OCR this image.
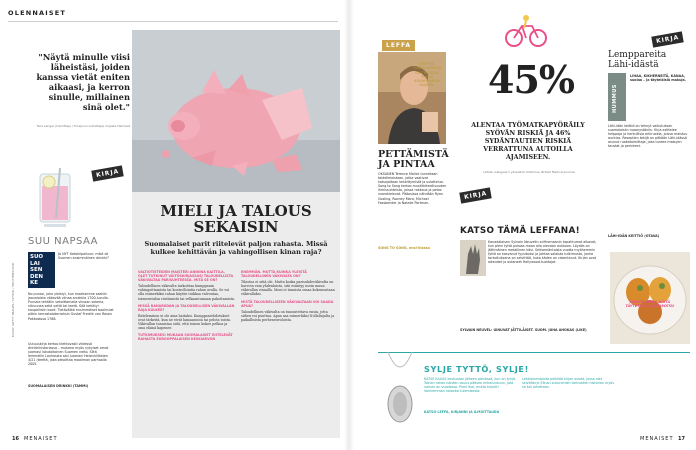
OLENNAISET
KUVAT: GETTY IMAGES / ISTOCK / SHUTTERSTOCK
"Näytä minulle viisi läheistäsi, joiden kanssa vietät eniten aikaasi, ja kerron sinulle, millainen sinä olet."
Tara Langer (toimittaja / Tinapuun toimittaja) kirjasta Helmeet
KIRJA
SUU NAPSAA
SUO
LAI
SEN
DEN
KE
JA NYT tietokilpailuun: mikä oli Suomen ensimmäinen drinkki?
No punssi, joka yleistyi, kun maahamme saatiin jaavalaista väkevää viinaa arrakkia 1700-luvulla. Punssia tehtäiin sekoittamalla viinaan sokeria, sitruunaa sekä vettä tai teetä. Sitä kehittyi kaupallisiin booli. Tietävätkö ensimmäiset booliruiat pitkin kerrostalokerroksin Gustaf Fredrik von Rosen Pokkolassa 1768.
Uutuuskirja kertoo kiehtovasti viidessä drinkkihistoriassa – mukana myös nykyiset omat juomasi lukutaitoinen Suomen neito. Siitä lemmellin Lonkossta asti juomien Helsinkiläisten 4/21 (teettä, joka sekoittaa maailman parhaalla 2005.
SUOMALAISEN DRINKKI (TAMMI)
MIELI JA TALOUS SEKAISIN
Suomalaiset parit riitelevät paljon rahasta. Missä kulkee kehittävän ja vahingollisen kinan raja?
VALTIOTIETEIDEN MAISTERI ANNIINA KAITTILA, OLET TUTKINUT VÄITÖSKIRJASSASI TALOUDELLISTA VÄKIVALTAA PARISUHTEESSA. MITÄ SE ON?
Taloudellinen väkivalta tarkoittaa kumppanin vahingoittamista tai kontrollointia rahan avulla. Se voi olla esimerkiksi rahan käytön tiukkaa valvontaa, toimeentulon riistämistä tai velkaantumaan pakottamista.
MISSÄ RAHARIIDAN JA TALOUDELLISEN VÄKIVALLAN RAJA KULKEE?
Riiteleminen ei ole aina haitaksi. Kumppaniehdotukset ovat tärkeitä, kun ne eivät lamaannuta tai pelota toista. Väkivallan tunnistaa siitä, että toinen kokee pelkoa ja oma elämä kapenee.
TUTKIMUKSESI MUKAAN SUOMALAISET RIITELEVÄT RAHASTA EUROOPPALAISEN KESKIARVON
ENEMMÄN. MUTTA KUINKA YLEISTÄ TALOUDELLINEN VÄKIVALTA ON?
Tilastoa ei siitä ole. Mutta koska parisuhdeväkivalta on harvoin vain yhdenlaista, sitä esiintyy usein muun väkivallan rinnalla. Moni ei tunnista omaa kokemustaan väkivallaksi.
MISTÄ TALOUDELLISEEN VÄKIVALTAAN VOI SAADA APUA?
Taloudellinen väkivalta on tunnistettava ensin, jotta siihen voi puuttua. Apua saa esimerkiksi Nollalinjalta ja paikallisista perheneuvoloista.
16 MENAISET
LEFFA
KEVYTTÄ TUNNELMOINTIA ON TIEDOSSA YHDEN AVAINHAHMON KANSSA!
PETTÄMISTÄ JA PINTAA
OKSANEN Terence Malick tunnetaan taidelleloistaan, jotka vaativat katsojaltaan keskittymistä ja sulattelua. Song to Song kertoo musiikkiteollisuuden ihmissuhteista, joissa rakkaus ja petos vuorottelevat. Pääosissa nähdään Ryan Gosling, Rooney Mara, Michael Fassbender ja Natalie Portman.
SONG TO SONG, ensi-illassa
45%
ALENTAA TYÖMATKAPYÖRÄILY SYÖVÄN RISKIÄ JA 46% SYDÄNTAUTIEN RISKIÄ VERRATTUNA AUTOILLA AJAMISEEN.
Lähde: Glasgow'n yliopiston tutkimus, British Medical Journal
KIRJA
KATSO TÄMÄ LEFFANA!
Kanadalaisen Sylvain Neuvelin scifiromaanin tapahtumat alkavat, kun pieni tyttö putoaa maan alla olevaan aukkoon. Löydös on jättimäinen metallinen käsi. Seitsemäntoista vuotta myöhemmin tyttö on kasvanut fyysikoksi ja johtaa salaista tutkimusta, jonka tarkoituksena on selvittää, kuka käden on rakentanut. Kirjan ovat oikeudet jo ostaneet Hollywood-tuottajat.
SYLVAIN NEUVEL: UINUVAT JÄTTILÄISET. SUOM. JUHA AHOKAS (LIKE)
KIRJA
Lemppareita Lähi-idästä
HUMMUS
LIHAA, KIKHERNEITÄ, KANAA, suolaa – ja täyteläisiä makuja.
Lähi-idän keittiö on tehnyt vaikutuksen suomalaisiin ruoanystäviin. Kirja esittelee helppoja ja herkullisia arkiruokia, joissa maistuu aurinko. Reseptien tekijä on pitkään Lähi-idässä asunut ruokatoimittaja, joka tuntee makujen taustat ja perinteet.
LÄHI-IDÄN KEITTIÖ (OTAVA)
MAISTA MYÖS NÄITÄ TÄYTETTYJÄ PAPRIKOITA!
SYLJE TYTTÖ, SYLJE!
KATSE KAUAS keskustan jälkeen päivässä, kun on tyhjä. Toinen rahan naisten osuus pääsee erikoislukuun, jota nainen on vuodessa. Pieni itse, mutta kirjoitti Vanhemman naiseksi tulemisesta.
Lehtiaineistoista pelkkää kirjan osiota, jossa olet selvittänyt Elinan sukunimien tarinoiden historian myös se tuli aihettaan.
KATSO LEFFA, KIRJANNI JA ILMOITTAUDU
MENAISET 17
